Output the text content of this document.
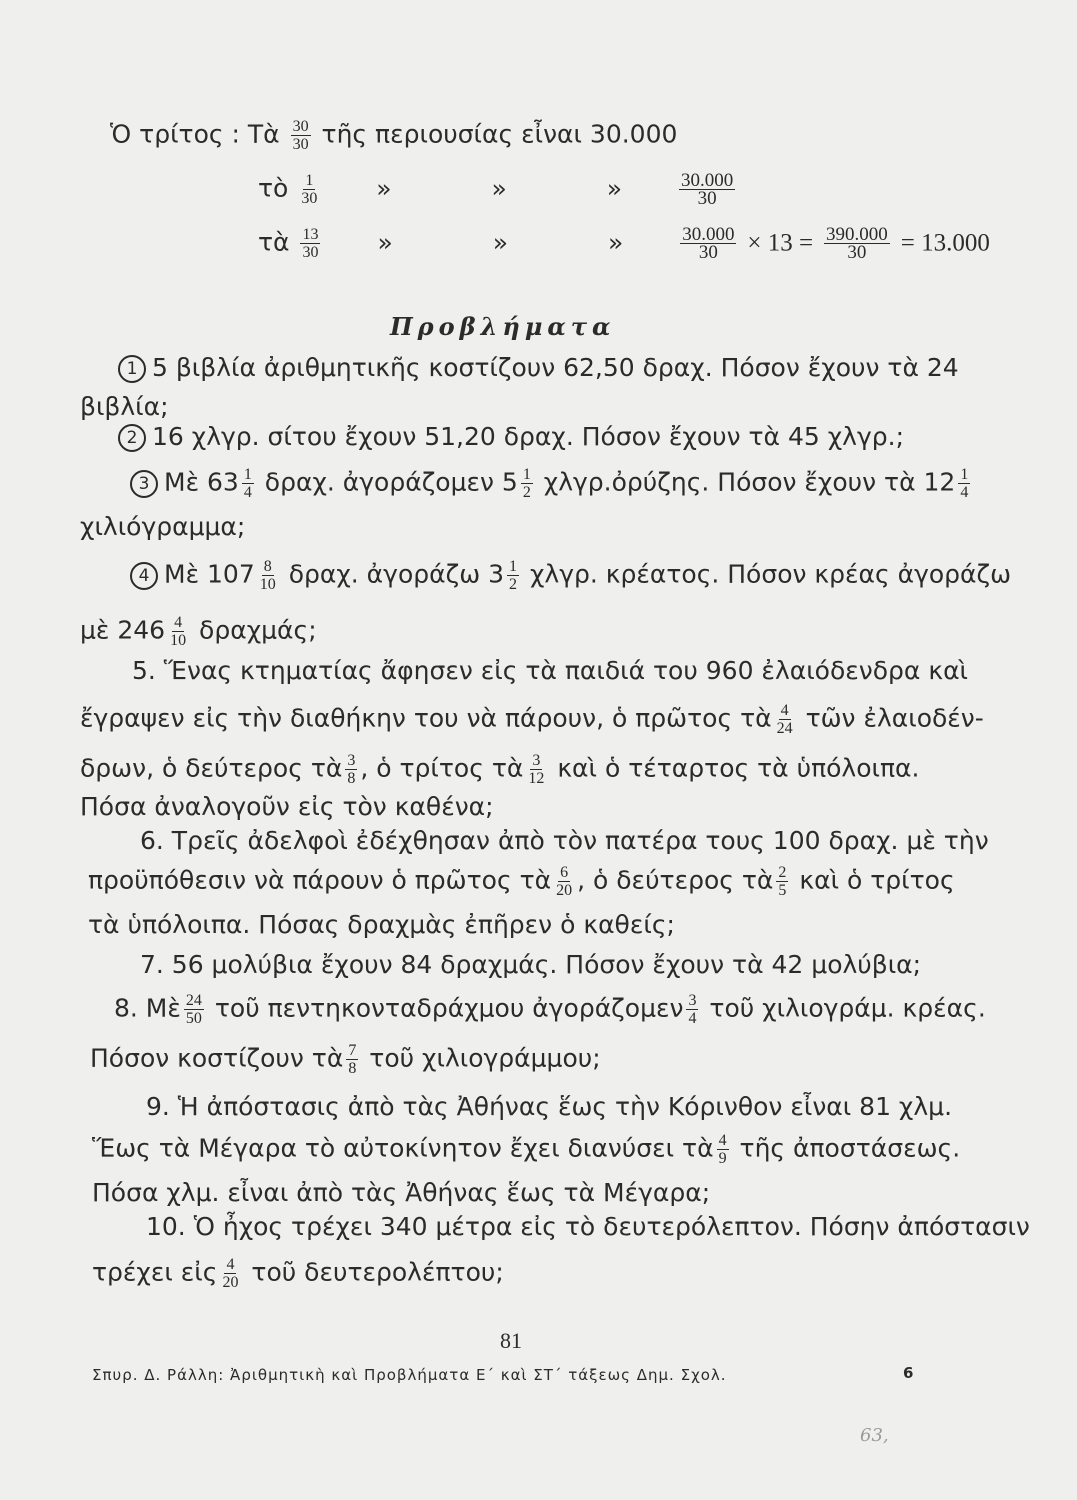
Ὁ τρίτος : Τὰ $\frac{30}{30}$ τῆς περιουσίας εἶναι 30.000
τὸ $\frac{1}{30}$ »	»	»	$\frac{30.000}{30}$
τὰ $\frac{13}{30}$ »	»	»	$\frac{30.000}{30} \times 13 = \frac{390.000}{30} = 13.000$
Προβλήματα
1 5 βιβλία ἀριθμητικῆς κοστίζουν 62,50 δραχ. Πόσον ἔχουν τὰ 24
βιβλία;
2 16 χλγρ. σίτου ἔχουν 51,20 δραχ. Πόσον ἔχουν τὰ 45 χλγρ.;
3 Μὲ $63 \frac{1}{4} \delta\rho\alpha\chi$. ἀγοράζομεν $5 \frac{1}{2}$ χλγρ.ὀρύζης. Πόσον ἔχουν τὰ $12 \frac{1}{4}$
χιλιόγραμμα;
4 Μὲ $107 \frac{8}{10} \delta\rho\alpha\chi$. ἀγοράζω $3 \frac{1}{2} \chi\lambda\gamma\rho$. κρέατος. Πόσον κρέας ἀγοράζω
μὲ $246 \frac{4}{10} \delta\rho\alpha\chi\mu ά\varsigma$;
5. Ἕνας κτηματίας ἄφησεν εἰς τὰ παιδιά του 960 ἐλαιόδενδρα καὶ
ἔγραψεν εἰς τὴν διαθήκην του νὰ πάρουν, ὁ πρῶτος τὰ $\frac{4}{24}$ τῶν ἐλαιοδέν-
δρων, ὁ δεύτερος τὰ $\frac{3}{8}$ , ὁ τρίτος τὰ $\frac{3}{12}$ καὶ ὁ τέταρτος τὰ ὑπόλοιπα.
Πόσα ἀναλογοῦν εἰς τὸν καθένα;
6. Τρεῖς ἀδελφοὶ ἐδέχθησαν ἀπὸ τὸν πατέρα τους 100 δραχ. μὲ τὴν
προϋπόθεσιν νὰ πάρουν ὁ πρῶτος τὰ $\frac{6}{20}$ , ὁ δεύτερος τὰ $\frac{2}{5}$ καὶ ὁ τρίτος
τὰ ὑπόλοιπα. Πόσας δραχμὰς ἐπῆρεν ὁ καθείς;
7. 56 μολύβια ἔχουν 84 δραχμάς. Πόσον ἔχουν τὰ 42 μολύβια;
8. Μὲ $\frac{24}{50}$ τοῦ πεντηκονταδράχμου ἀγοράζομεν $\frac{3}{4}$ τοῦ χιλιογράμ. κρέας.
Πόσον κοστίζουν τὰ $\frac{7}{8}$ τοῦ χιλιογράμμου;
9. Ἡ ἀπόστασις ἀπὸ τὰς Ἀθήνας ἕως τὴν Κόρινθον εἶναι 81 χλμ.
Ἕως τὰ Μέγαρα τὸ αὐτοκίνητον ἔχει διανύσει τὰ $\frac{4}{9}$ τῆς ἀποστάσεως.
Πόσα χλμ. εἶναι ἀπὸ τὰς Ἀθήνας ἕως τὰ Μέγαρα;
10. Ὁ ἦχος τρέχει 340 μέτρα εἰς τὸ δευτερόλεπτον. Πόσην ἀπόστασιν
τρέχει εἰς $\frac{4}{20}$ τοῦ δευτερολέπτου;
81
Σπυρ. Δ. Ράλλη: Ἀριθμητικὴ καὶ Προβλήματα Ε΄ καὶ ΣΤ΄ τάξεως Δημ. Σχολ.	6
63,
